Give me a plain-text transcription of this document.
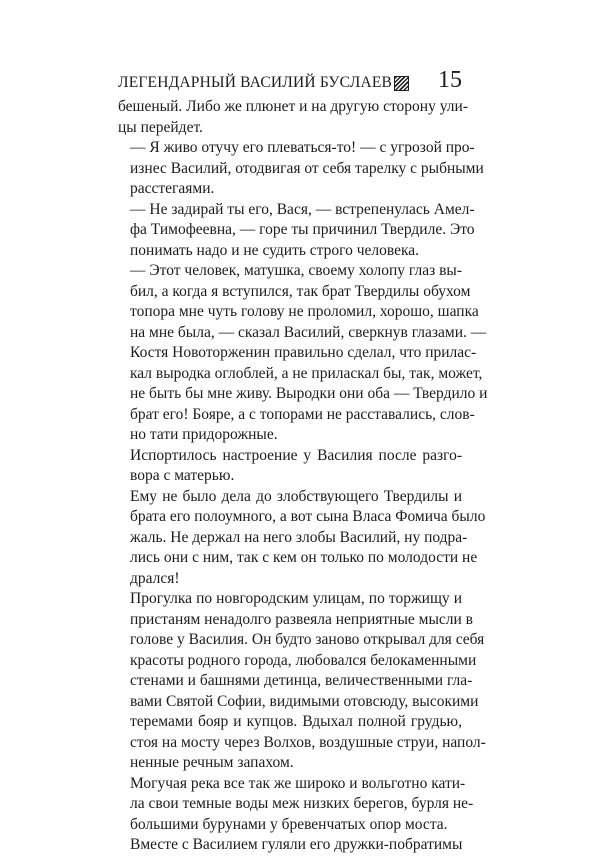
ЛЕГЕНДАРНЫЙ ВАСИЛИЙ БУСЛАЕВ 15

бешеный. Либо же плюнет и на другую сторону ули-
цы перейдет.

— Я живо отучу его плеваться-то! — с угрозой про-
изнес Василий, отодвигая от себя тарелку с рыбными
расстегаями.

— Не задирай ты его, Вася, — встрепенулась Амел-
фа Тимофеевна, — горе ты причинил Твердиле. Это
понимать надо и не судить строго человека.

— Этот человек, матушка, своему холопу глаз вы-
бил, а когда я вступился, так брат Твердилы обухом
топора мне чуть голову не проломил, хорошо, шапка
на мне была, — сказал Василий, сверкнув глазами. —
Костя Новоторженин правильно сделал, что прилас-
кал выродка оглоблей, а не приласкал бы, так, может,
не быть бы мне живу. Выродки они оба — Твердило и
брат его! Бояре, а с топорами не расставались, слов-
но тати придорожные.

Испортилось настроение у Василия после разго-
вора с матерью.

Ему не было дела до злобствующего Твердилы и
брата его полоумного, а вот сына Власа Фомича было
жаль. Не держал на него злобы Василий, ну подра-
лись они с ним, так с кем он только по молодости не
дрался!

Прогулка по новгородским улицам, по торжищу и
пристаням ненадолго развеяла неприятные мысли в
голове у Василия. Он будто заново открывал для себя
красоты родного города, любовался белокаменными
стенами и башнями детинца, величественными гла-
вами Святой Софии, видимыми отовсюду, высокими
теремами бояр и купцов. Вдыхал полной грудью,
стоя на мосту через Волхов, воздушные струи, напол-
ненные речным запахом.

Могучая река все так же широко и вольготно кати-
ла свои темные воды меж низких берегов, бурля не-
большими бурунами у бревенчатых опор моста.

Вместе с Василием гуляли его дружки-побратимы
